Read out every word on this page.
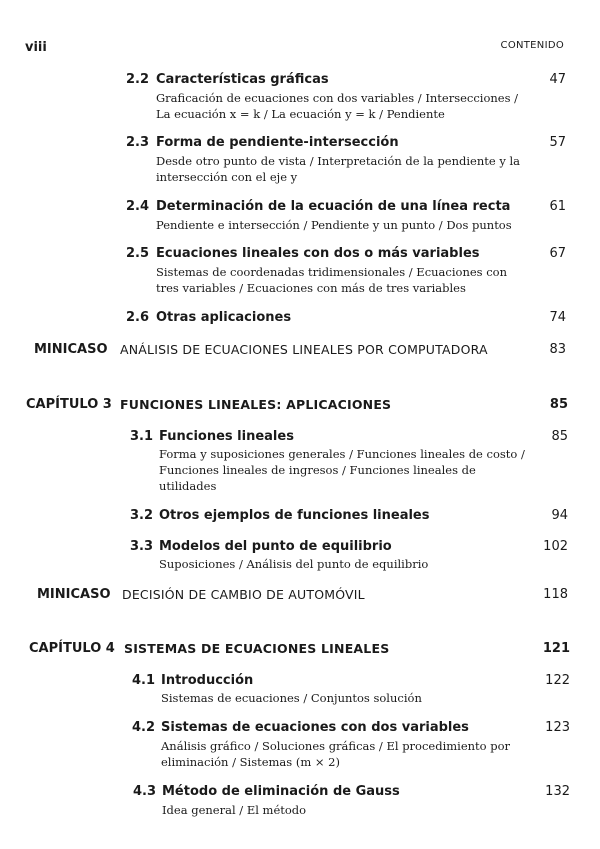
viii	CONTENIDO
2.2 Características gráficas	47
Graficación de ecuaciones con dos variables / Intersecciones /
La ecuación x = k / La ecuación y = k / Pendiente
2.3 Forma de pendiente-intersección	57
Desde otro punto de vista / Interpretación de la pendiente y la
intersección con el eje y
2.4 Determinación de la ecuación de una línea recta	61
Pendiente e intersección / Pendiente y un punto / Dos puntos
2.5 Ecuaciones lineales con dos o más variables	67
Sistemas de coordenadas tridimensionales / Ecuaciones con
tres variables / Ecuaciones con más de tres variables
2.6 Otras aplicaciones	74
MINICASO ANÁLISIS DE ECUACIONES LINEALES POR COMPUTADORA	83
CAPÍTULO 3 FUNCIONES LINEALES: APLICACIONES	85
3.1 Funciones lineales	85
Forma y suposiciones generales / Funciones lineales de costo /
Funciones lineales de ingresos / Funciones lineales de
utilidades
3.2 Otros ejemplos de funciones lineales	94
3.3 Modelos del punto de equilibrio	102
Suposiciones / Análisis del punto de equilibrio
MINICASO DECISIÓN DE CAMBIO DE AUTOMÓVIL	118
CAPÍTULO 4 SISTEMAS DE ECUACIONES LINEALES	121
4.1 Introducción	122
Sistemas de ecuaciones / Conjuntos solución
4.2 Sistemas de ecuaciones con dos variables	123
Análisis gráfico / Soluciones gráficas / El procedimiento por
eliminación / Sistemas (m × 2)
4.3 Método de eliminación de Gauss	132
Idea general / El método
